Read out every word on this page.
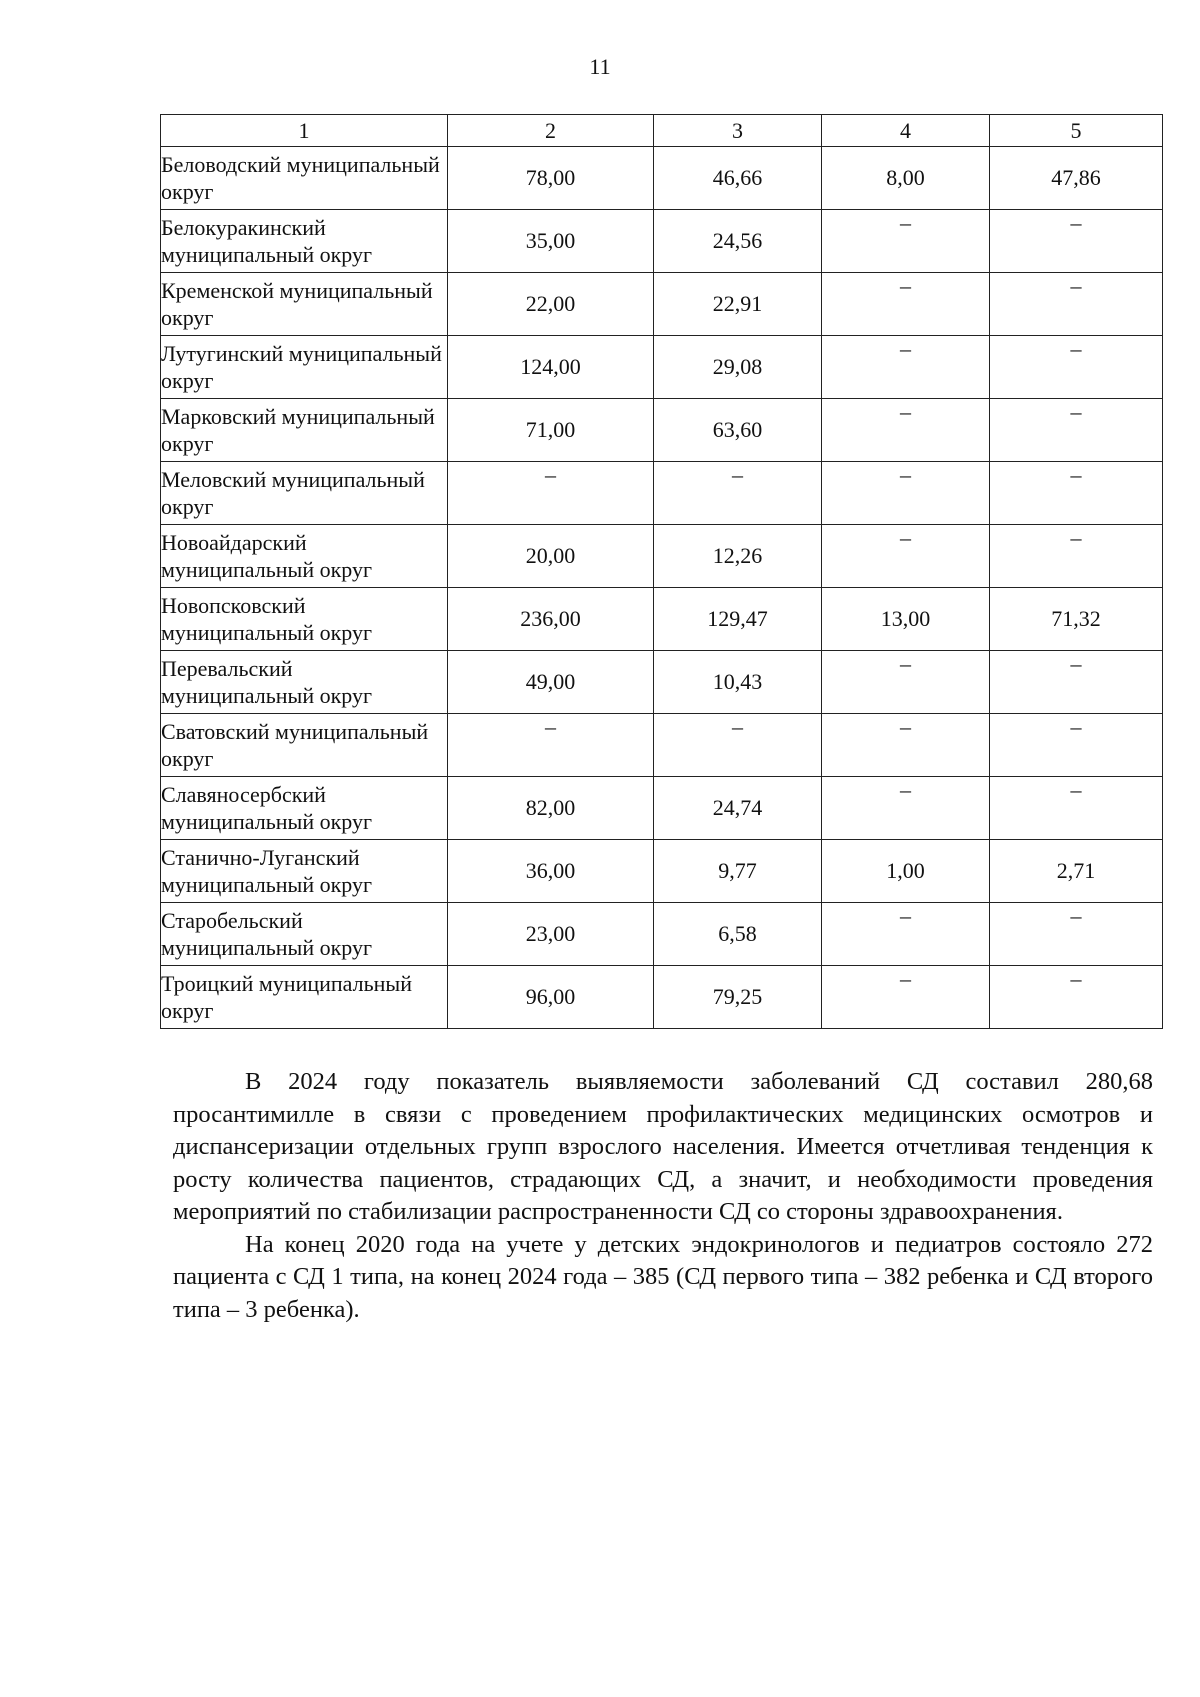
11
1	2	3	4	5
Беловодский муниципальный округ	78,00	46,66	8,00	47,86
Белокуракинский муниципальный округ	35,00	24,56	–	–
Кременской муниципальный округ	22,00	22,91	–	–
Лутугинский муниципальный округ	124,00	29,08	–	–
Марковский муниципальный округ	71,00	63,60	–	–
Меловский муниципальный округ	–	–	–	–
Новоайдарский муниципальный округ	20,00	12,26	–	–
Новопсковский муниципальный округ	236,00	129,47	13,00	71,32
Перевальский муниципальный округ	49,00	10,43	–	–
Сватовский муниципальный округ	–	–	–	–
Славяносербский муниципальный округ	82,00	24,74	–	–
Станично-Луганский муниципальный округ	36,00	9,77	1,00	2,71
Старобельский муниципальный округ	23,00	6,58	–	–
Троицкий муниципальный округ	96,00	79,25	–	–

В 2024 году показатель выявляемости заболеваний СД составил 280,68 просантимилле в связи с проведением профилактических медицинских осмотров и диспансеризации отдельных групп взрослого населения. Имеется отчетливая тенденция к росту количества пациентов, страдающих СД, а значит, и необходимости проведения мероприятий по стабилизации распространенности СД со стороны здравоохранения.

На конец 2020 года на учете у детских эндокринологов и педиатров состояло 272 пациента с СД 1 типа, на конец 2024 года – 385 (СД первого типа – 382 ребенка и СД второго типа – 3 ребенка).
